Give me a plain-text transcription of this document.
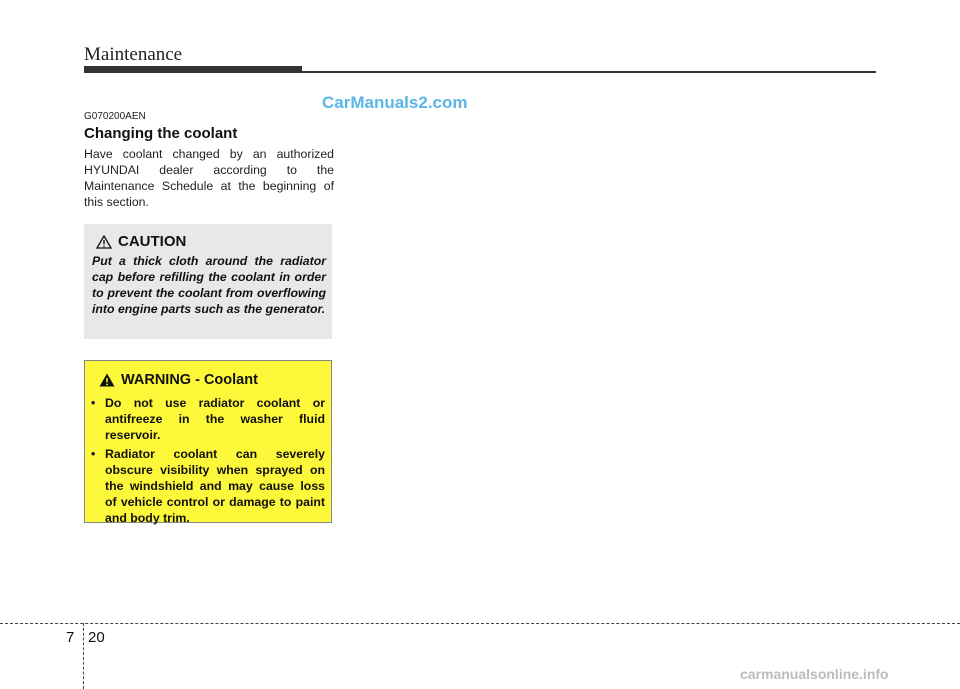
Maintenance
CarManuals2.com
G070200AEN
Changing the coolant
Have coolant changed by an authorized HYUNDAI dealer according to the Maintenance Schedule at the beginning of this section.
CAUTION
Put a thick cloth around the radiator cap before refilling the coolant in order to prevent the coolant from overflowing into engine parts such as the generator.
WARNING - Coolant
• Do not use radiator coolant or antifreeze in the washer fluid reservoir.
• Radiator coolant can severely obscure visibility when sprayed on the windshield and may cause loss of vehicle control or damage to paint and body trim.
7 20
carmanualsonline.info
